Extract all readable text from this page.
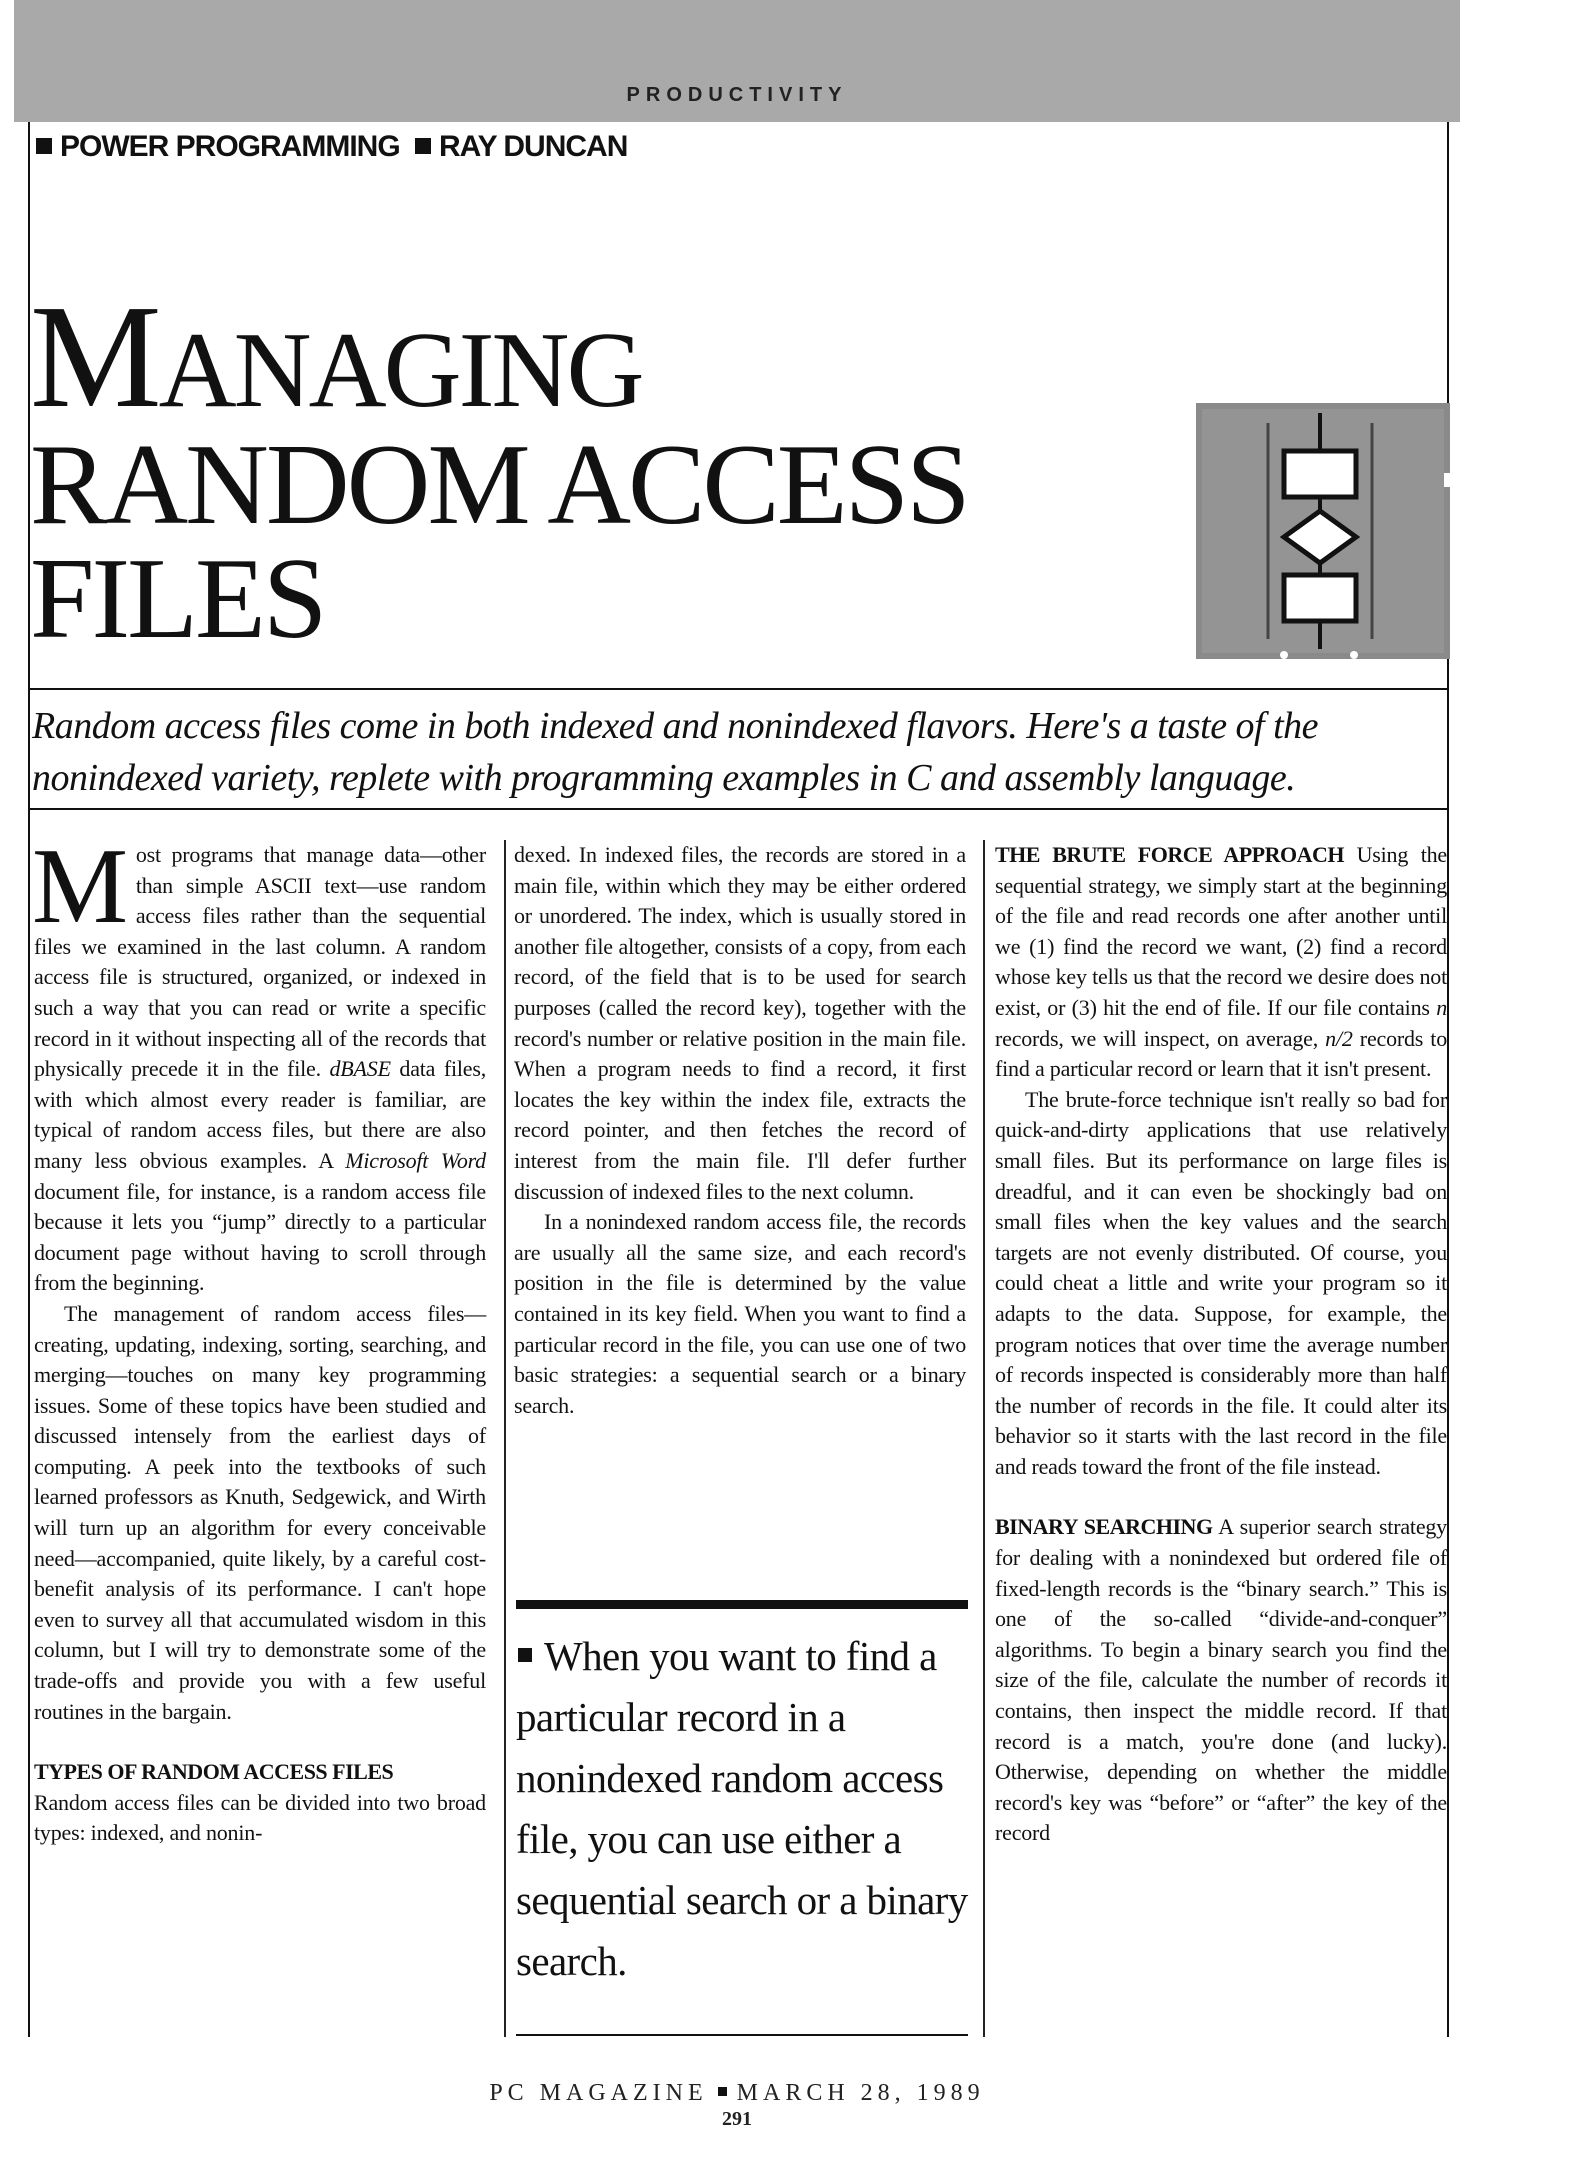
PRODUCTIVITY
POWER PROGRAMMING RAY DUNCAN
MANAGING
RANDOM ACCESS
FILES
Random access files come in both indexed and nonindexed flavors. Here's a taste of the nonindexed variety, replete with programming examples in C and assembly language.

Most programs that manage data—other than simple ASCII text—use random access files rather than the sequential files we examined in the last column. A random access file is structured, organized, or indexed in such a way that you can read or write a specific record in it without inspecting all of the records that physically precede it in the file. dBASE data files, with which almost every reader is familiar, are typical of random access files, but there are also many less obvious examples. A Microsoft Word document file, for instance, is a random access file because it lets you “jump” directly to a particular document page without having to scroll through from the beginning.

The management of random access files—creating, updating, indexing, sorting, searching, and merging—touches on many key programming issues. Some of these topics have been studied and discussed intensely from the earliest days of computing. A peek into the textbooks of such learned professors as Knuth, Sedgewick, and Wirth will turn up an algorithm for every conceivable need—accompanied, quite likely, by a careful cost-benefit analysis of its performance. I can't hope even to survey all that accumulated wisdom in this column, but I will try to demonstrate some of the trade-offs and provide you with a few useful routines in the bargain.

TYPES OF RANDOM ACCESS FILES
Random access files can be divided into two broad types: indexed, and nonin-

dexed. In indexed files, the records are stored in a main file, within which they may be either ordered or unordered. The index, which is usually stored in another file altogether, consists of a copy, from each record, of the field that is to be used for search purposes (called the record key), together with the record's number or relative position in the main file. When a program needs to find a record, it first locates the key within the index file, extracts the record pointer, and then fetches the record of interest from the main file. I'll defer further discussion of indexed files to the next column.

In a nonindexed random access file, the records are usually all the same size, and each record's position in the file is determined by the value contained in its key field. When you want to find a particular record in the file, you can use one of two basic strategies: a sequential search or a binary search.

When you want to find a particular record in a nonindexed random access file, you can use either a sequential search or a binary search.

THE BRUTE FORCE APPROACH Using the sequential strategy, we simply start at the beginning of the file and read records one after another until we (1) find the record we want, (2) find a record whose key tells us that the record we desire does not exist, or (3) hit the end of file. If our file contains n records, we will inspect, on average, n/2 records to find a particular record or learn that it isn't present.

The brute-force technique isn't really so bad for quick-and-dirty applications that use relatively small files. But its performance on large files is dreadful, and it can even be shockingly bad on small files when the key values and the search targets are not evenly distributed. Of course, you could cheat a little and write your program so it adapts to the data. Suppose, for example, the program notices that over time the average number of records inspected is considerably more than half the number of records in the file. It could alter its behavior so it starts with the last record in the file and reads toward the front of the file instead.

BINARY SEARCHING A superior search strategy for dealing with a nonindexed but ordered file of fixed-length records is the “binary search.” This is one of the so-called “divide-and-conquer” algorithms. To begin a binary search you find the size of the file, calculate the number of records it contains, then inspect the middle record. If that record is a match, you're done (and lucky). Otherwise, depending on whether the middle record's key was “before” or “after” the key of the record

PC MAGAZINE MARCH 28, 1989
291
